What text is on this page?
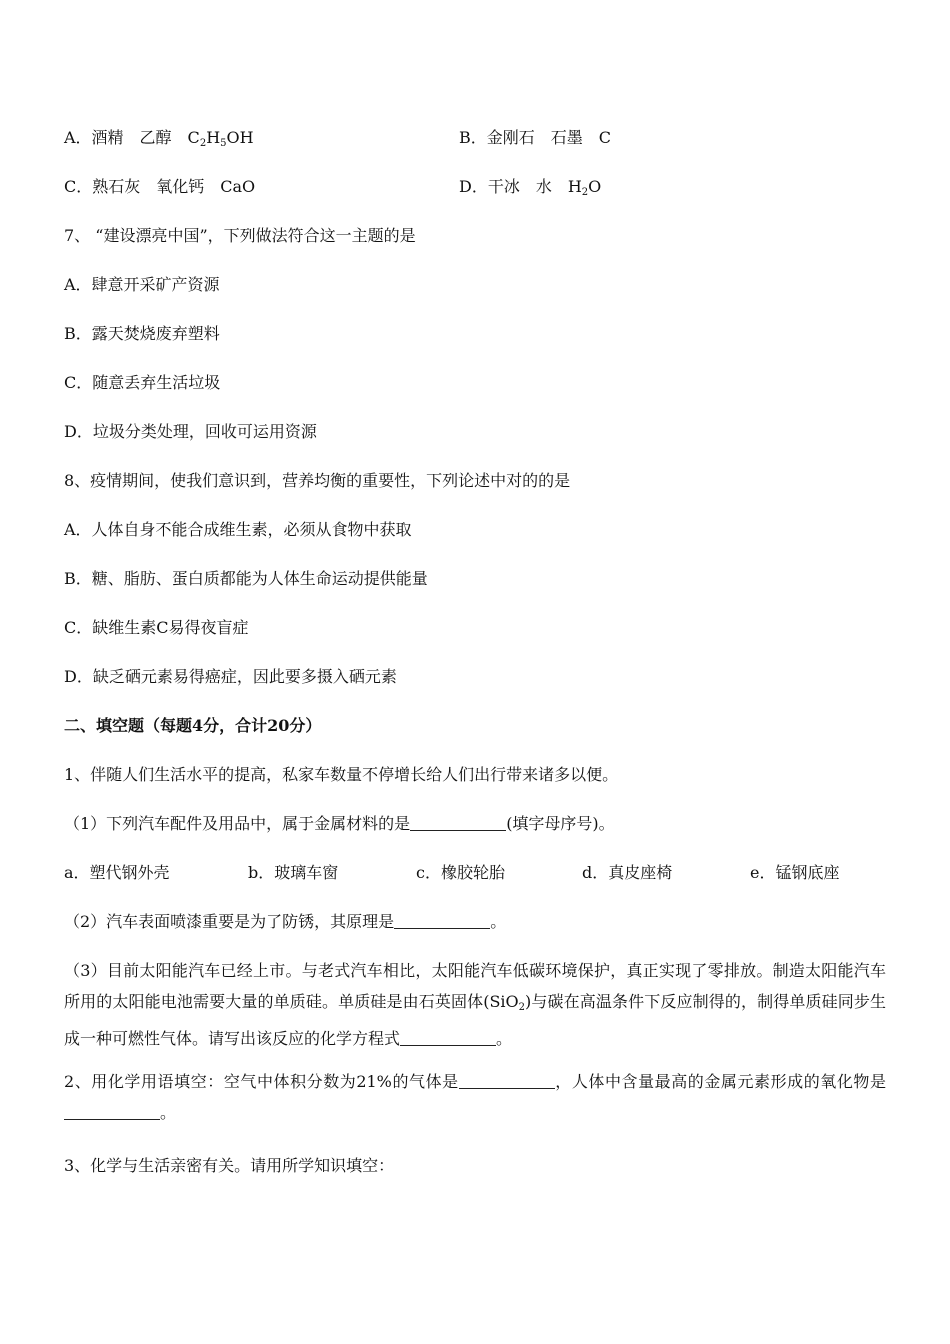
A．酒精　乙醇　$C_2H_5OH$	B．金刚石　石墨　C
C．熟石灰　氧化钙　CaO	D．干冰　水　$H_2O$
7、 “建设漂亮中国”，下列做法符合这一主题的是
A．肆意开采矿产资源
B．露天焚烧废弃塑料
C．随意丢弃生活垃圾
D．垃圾分类处理，回收可运用资源
8、疫情期间，使我们意识到，营养均衡的重要性，下列论述中对的的是
A．人体自身不能合成维生素，必须从食物中获取
B．糖、脂肪、蛋白质都能为人体生命运动提供能量
C．缺维生素C易得夜盲症
D．缺乏硒元素易得癌症，因此要多摄入硒元素
二、填空题（每题4分，合计20分）
1、伴随人们生活水平的提高，私家车数量不停增长给人们出行带来诸多以便。
（1）下列汽车配件及用品中，属于金属材料的是	(填字母序号)。
a．塑代钢外壳	b．玻璃车窗	c．橡胶轮胎	d．真皮座椅	e．锰钢底座
（2）汽车表面喷漆重要是为了防锈，其原理是	。
（3）目前太阳能汽车已经上市。与老式汽车相比，太阳能汽车低碳环境保护，真正实现了零排放。制造太阳能汽车所用的太阳能电池需要大量的单质硅。单质硅是由石英固体(SiO$_2$)与碳在高温条件下反应制得的，制得单质硅同步生成一种可燃性气体。请写出该反应的化学方程式	。
2、用化学用语填空：空气中体积分数为21%的气体是	，人体中含量最高的金属元素形成的氧化物是。
3、化学与生活亲密有关。请用所学知识填空：
